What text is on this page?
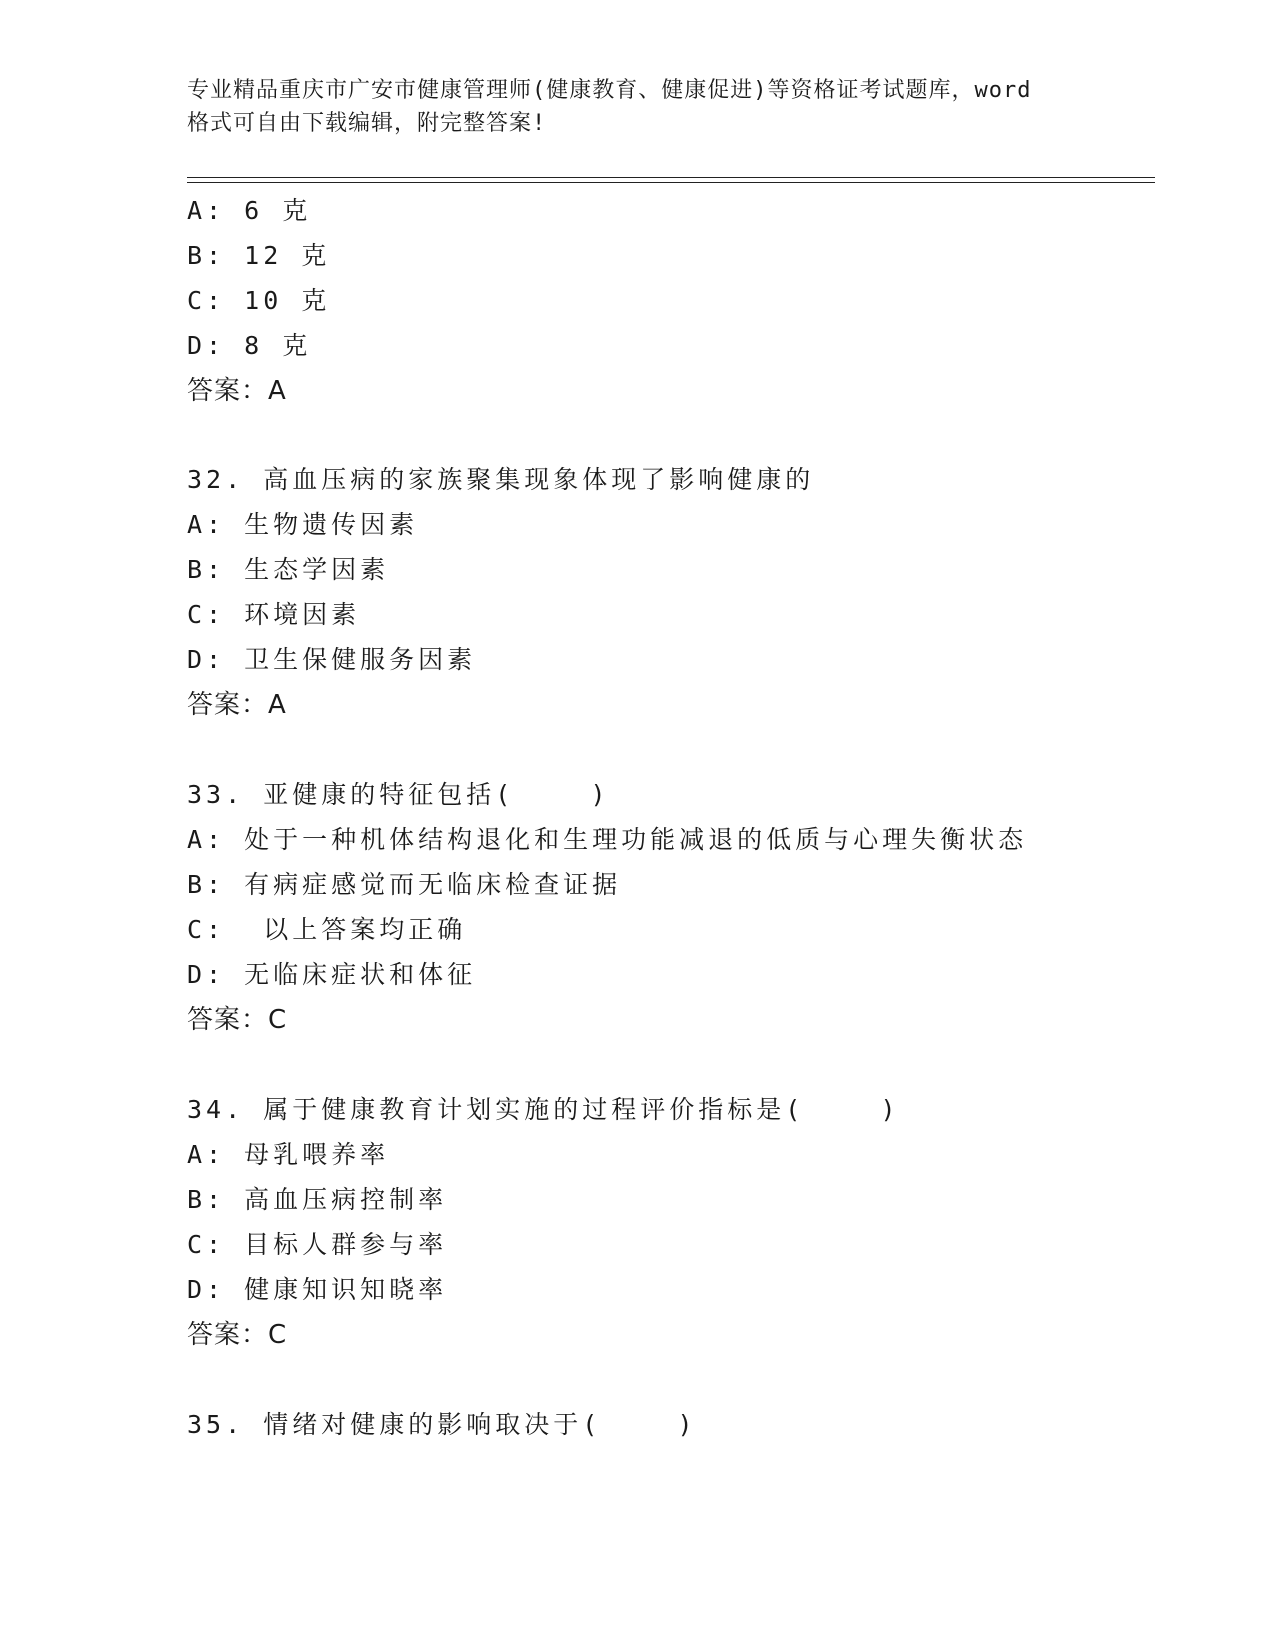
专业精品重庆市广安市健康管理师(健康教育、健康促进)等资格证考试题库，word
格式可自由下载编辑，附完整答案!
A: 6 克
B: 12 克
C: 10 克
D: 8 克
答案：A
32. 高血压病的家族聚集现象体现了影响健康的
A: 生物遗传因素
B: 生态学因素
C: 环境因素
D: 卫生保健服务因素
答案：A
33. 亚健康的特征包括(    )
A: 处于一种机体结构退化和生理功能减退的低质与心理失衡状态
B: 有病症感觉而无临床检查证据
C:  以上答案均正确
D: 无临床症状和体征
答案：C
34. 属于健康教育计划实施的过程评价指标是(    )
A: 母乳喂养率
B: 高血压病控制率
C: 目标人群参与率
D: 健康知识知晓率
答案：C
35. 情绪对健康的影响取决于(    )
